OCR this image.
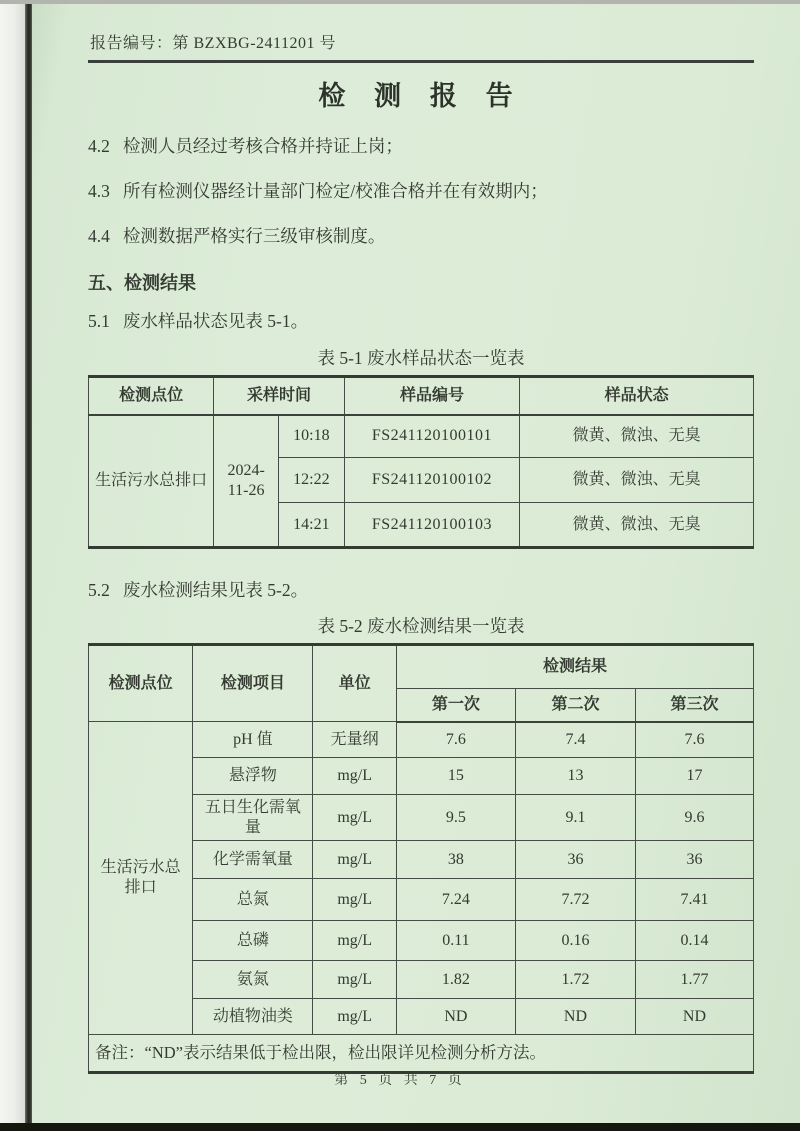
报告编号：第 BZXBG-2411201 号
检 测 报 告
4.2 检测人员经过考核合格并持证上岗；
4.3 所有检测仪器经计量部门检定/校准合格并在有效期内；
4.4 检测数据严格实行三级审核制度。
五、检测结果
5.1 废水样品状态见表 5-1。
表 5-1 废水样品状态一览表
检测点位	采样时间		样品编号	样品状态
生活污水总排口	2024-11-26	10:18	FS241120100101	微黄、微浊、无臭
		12:22	FS241120100102	微黄、微浊、无臭
		14:21	FS241120100103	微黄、微浊、无臭
5.2 废水检测结果见表 5-2。
表 5-2 废水检测结果一览表
检测点位	检测项目	单位	检测结果		
			第一次	第二次	第三次
生活污水总排口	pH 值	无量纲	7.6	7.4	7.6
	悬浮物	mg/L	15	13	17
	五日生化需氧量	mg/L	9.5	9.1	9.6
	化学需氧量	mg/L	38	36	36
	总氮	mg/L	7.24	7.72	7.41
	总磷	mg/L	0.11	0.16	0.14
	氨氮	mg/L	1.82	1.72	1.77
	动植物油类	mg/L	ND	ND	ND
备注：“ND”表示结果低于检出限，检出限详见检测分析方法。					
第 5 页 共 7 页
